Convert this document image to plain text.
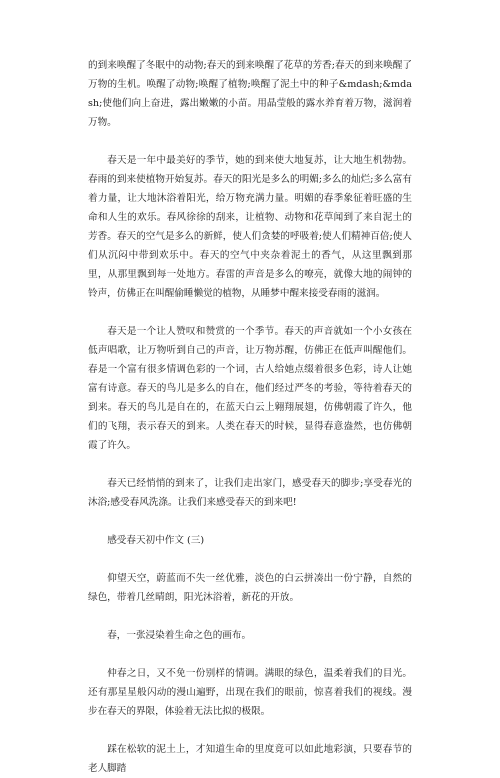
的到来唤醒了冬眠中的动物;春天的到来唤醒了花草的芳香;春天的到来唤醒了万物的生机。唤醒了动物;唤醒了植物;唤醒了泥土中的种子&mdash;&mdash;使他们向上奋进，露出嫩嫩的小苗。用晶莹般的露水养育着万物，滋润着万物。

春天是一年中最美好的季节，她的到来使大地复苏，让大地生机勃勃。春雨的到来使植物开始复苏。春天的阳光是多么的明媚;多么的灿烂;多么富有着力量，让大地沐浴着阳光，给万物充满力量。明媚的春季象征着旺盛的生命和人生的欢乐。春风徐徐的刮来，让植物、动物和花草闻到了来自泥土的芳香。春天的空气是多么的新鲜，使人们贪婪的呼吸着;使人们精神百倍;使人们从沉闷中带到欢乐中。春天的空气中夹杂着泥土的香气，从这里飘到那里，从那里飘到每一处地方。春雷的声音是多么的嘹亮，就像大地的闹钟的铃声，仿佛正在叫醒偷睡懒觉的植物，从睡梦中醒来接受春雨的滋润。

春天是一个让人赞叹和赞赏的一个季节。春天的声音就如一个小女孩在低声唱歌，让万物听到自己的声音，让万物苏醒，仿佛正在低声叫醒他们。春是一个富有很多情调色彩的一个词，古人给她点缀着很多色彩，诗人让她富有诗意。春天的鸟儿是多么的自在，他们经过严冬的考验，等待着春天的到来。春天的鸟儿是自在的，在蓝天白云上翱翔展翅，仿佛朝霞了许久，他们的飞翔，表示春天的到来。人类在春天的时候，显得春意盎然，也仿佛朝霞了许久。

春天已经悄悄的到来了，让我们走出家门，感受春天的脚步;享受春光的沐浴;感受春风洗涤。让我们来感受春天的到来吧!

感受春天初中作文 (三)

仰望天空，蔚蓝而不失一丝优雅，淡色的白云拼凑出一份宁静，自然的绿色，带着几丝晴朗，阳光沐浴着，新花的开放。

春，一张浸染着生命之色的画布。

仲春之日，又不免一份别样的情调。满眼的绿色，温柔着我们的目光。还有那星星般闪动的漫山遍野，出现在我们的眼前，惊喜着我们的视线。漫步在春天的界限，体验着无法比拟的极限。

踩在松软的泥土上，才知道生命的里度竟可以如此地彩演，只要春节的老人脚踏
